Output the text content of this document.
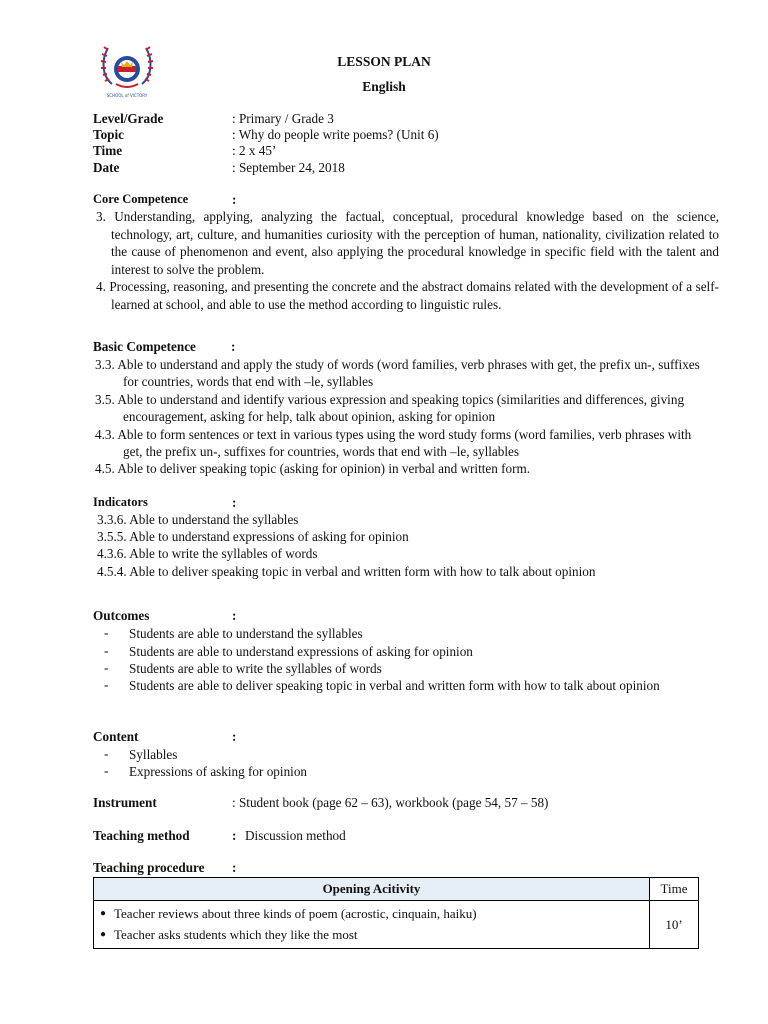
SCHOOL of VICTORY
LESSON PLAN
English
Level/Grade	: Primary / Grade 3
Topic	: Why do people write poems? (Unit 6)
Time	: 2 x 45’
Date	: September 24, 2018
Core Competence	:
3. Understanding, applying, analyzing the factual, conceptual, procedural knowledge based on the science, technology, art, culture, and humanities curiosity with the perception of human, nationality, civilization related to the cause of phenomenon and event, also applying the procedural knowledge in specific field with the talent and interest to solve the problem.
4. Processing, reasoning, and presenting the concrete and the abstract domains related with the development of a self-learned at school, and able to use the method according to linguistic rules.
Basic Competence	:
3.3. Able to understand and apply the study of words (word families, verb phrases with get, the prefix un-, suffixes for countries, words that end with –le, syllables
3.5. Able to understand and identify various expression and speaking topics (similarities and differences, giving encouragement, asking for help, talk about opinion, asking for opinion
4.3. Able to form sentences or text in various types using the word study forms (word families, verb phrases with get, the prefix un-, suffixes for countries, words that end with –le, syllables
4.5. Able to deliver speaking topic (asking for opinion) in verbal and written form.
Indicators	:
3.3.6. Able to understand the syllables
3.5.5. Able to understand expressions of asking for opinion
4.3.6. Able to write the syllables of words
4.5.4. Able to deliver speaking topic in verbal and written form with how to talk about opinion
Outcomes	:
- Students are able to understand the syllables
- Students are able to understand expressions of asking for opinion
- Students are able to write the syllables of words
- Students are able to deliver speaking topic in verbal and written form with how to talk about opinion
Content	:
- Syllables
- Expressions of asking for opinion
Instrument	: Student book (page 62 – 63), workbook (page 54, 57 – 58)
Teaching method	: Discussion method
Teaching procedure :
Opening Acitivity	Time

● Teacher reviews about three kinds of poem (acrostic, cinquain, haiku)
● Teacher asks students which they like the most	10’
